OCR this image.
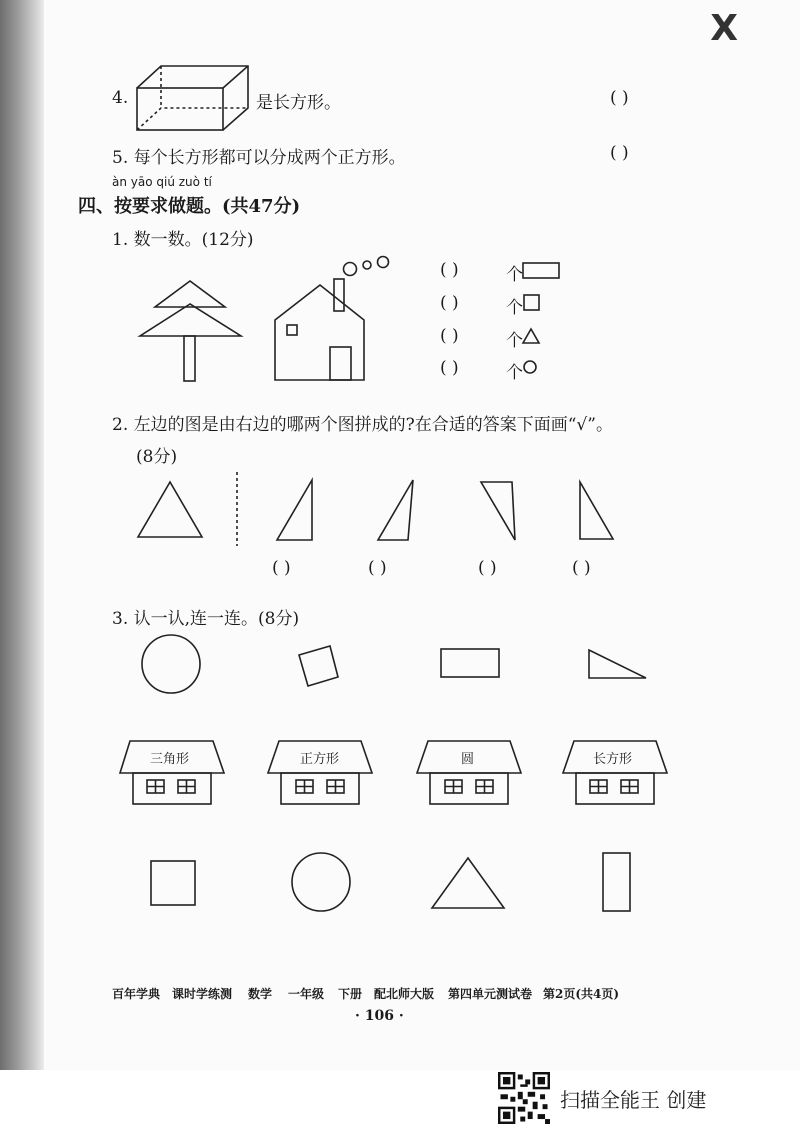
X
4.	是长方形。	( )
5. 每个长方形都可以分成两个正方形。	( )
àn yāo qiú zuò tí
四、按要求做题。(共47分)
1. 数一数。(12分)
( )	个
( )	个
( )	个
( )	个
2. 左边的图是由右边的哪两个图拼成的?在合适的答案下面画“√”。
(8分)
( )	( )	( )	( )
3. 认一认,连一连。(8分)
三角形	正方形	圆	长方形
百年学典 课时学练测 数学 一年级 下册 配北师大版 第四单元测试卷 第2页(共4页)
· 106 ·
扫描全能王 创建
